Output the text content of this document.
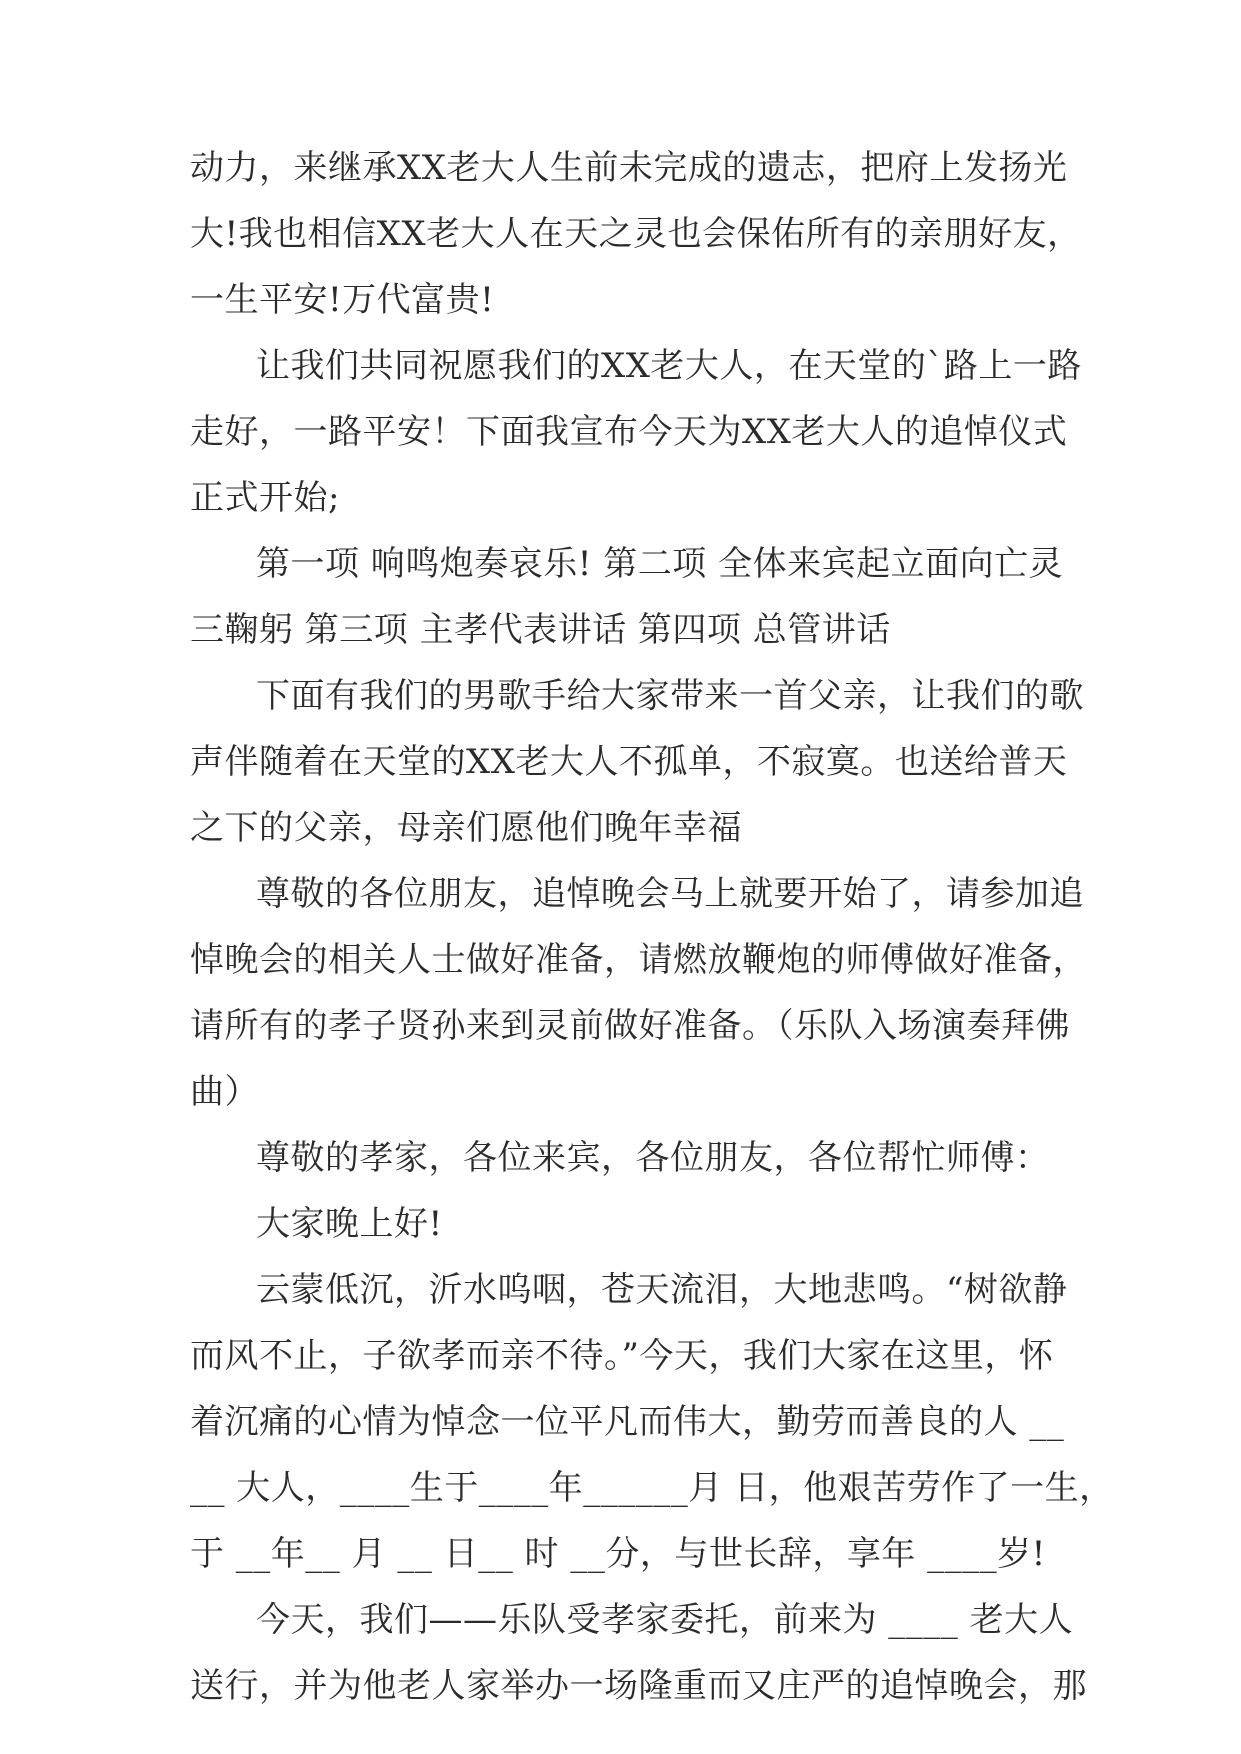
动力，来继承XX老大人生前未完成的遗志，把府上发扬光
大!我也相信XX老大人在天之灵也会保佑所有的亲朋好友，
一生平安!万代富贵!
让我们共同祝愿我们的XX老大人，在天堂的`路上一路
走好，一路平安！下面我宣布今天为XX老大人的追悼仪式
正式开始;
第一项 响鸣炮奏哀乐! 第二项 全体来宾起立面向亡灵
三鞠躬 第三项 主孝代表讲话 第四项 总管讲话
下面有我们的男歌手给大家带来一首父亲，让我们的歌
声伴随着在天堂的XX老大人不孤单，不寂寞。也送给普天
之下的父亲，母亲们愿他们晚年幸福
尊敬的各位朋友，追悼晚会马上就要开始了，请参加追
悼晚会的相关人士做好准备，请燃放鞭炮的师傅做好准备，
请所有的孝子贤孙来到灵前做好准备。（乐队入场演奏拜佛
曲）
尊敬的孝家，各位来宾，各位朋友，各位帮忙师傅：
大家晚上好!
云蒙低沉，沂水呜咽，苍天流泪，大地悲鸣。“树欲静
而风不止，子欲孝而亲不待。”今天，我们大家在这里，怀
着沉痛的心情为悼念一位平凡而伟大，勤劳而善良的人 __
__ 大人，____生于____年______月 日，他艰苦劳作了一生，
于 __年__ 月 __ 日__ 时 __分，与世长辞，享年 ____岁!
今天，我们——乐队受孝家委托，前来为 ____ 老大人
送行，并为他老人家举办一场隆重而又庄严的追悼晚会，那
